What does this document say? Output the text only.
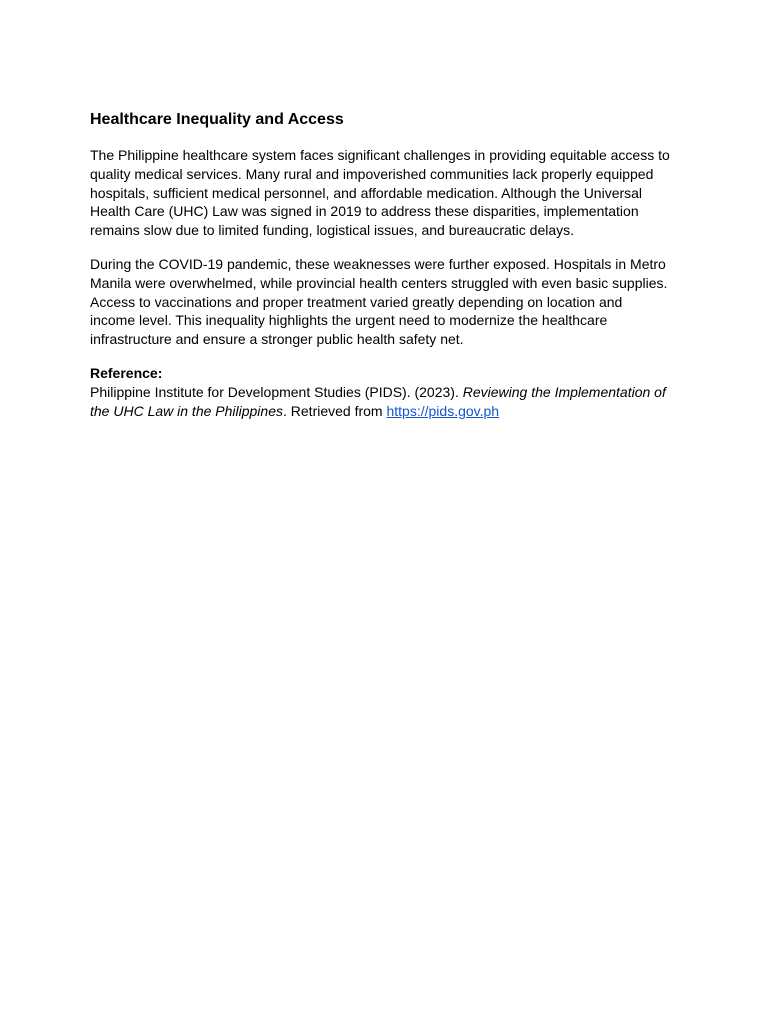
Healthcare Inequality and Access

The Philippine healthcare system faces significant challenges in providing equitable access to quality medical services. Many rural and impoverished communities lack properly equipped hospitals, sufficient medical personnel, and affordable medication. Although the Universal Health Care (UHC) Law was signed in 2019 to address these disparities, implementation remains slow due to limited funding, logistical issues, and bureaucratic delays.

During the COVID-19 pandemic, these weaknesses were further exposed. Hospitals in Metro Manila were overwhelmed, while provincial health centers struggled with even basic supplies. Access to vaccinations and proper treatment varied greatly depending on location and income level. This inequality highlights the urgent need to modernize the healthcare infrastructure and ensure a stronger public health safety net.

Reference:
Philippine Institute for Development Studies (PIDS). (2023). Reviewing the Implementation of the UHC Law in the Philippines. Retrieved from https://pids.gov.ph
